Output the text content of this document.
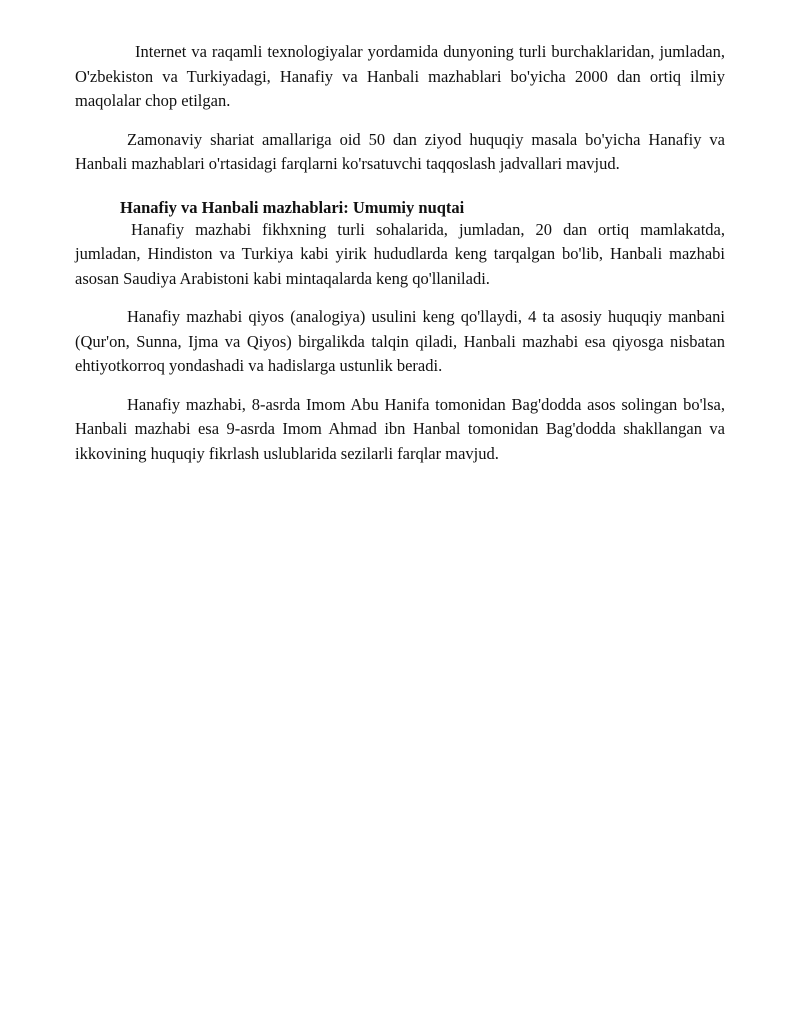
Internet va raqamli texnologiyalar yordamida dunyoning turli burchaklaridan, jumladan, O'zbekiston va Turkiyadagi, Hanafiy va Hanbali mazhablari bo'yicha 2000 dan ortiq ilmiy maqolalar chop etilgan.

Zamonaviy shariat amallariga oid 50 dan ziyod huquqiy masala bo'yicha Hanafiy va Hanbali mazhablari o'rtasidagi farqlarni ko'rsatuvchi taqqoslash jadvallari mavjud.

Hanafiy va Hanbali mazhablari: Umumiy nuqtai

Hanafiy mazhabi fikhxning turli sohalarida, jumladan, 20 dan ortiq mamlakatda, jumladan, Hindiston va Turkiya kabi yirik hududlarda keng tarqalgan bo'lib, Hanbali mazhabi asosan Saudiya Arabistoni kabi mintaqalarda keng qo'llaniladi.

Hanafiy mazhabi qiyos (analogiya) usulini keng qo'llaydi, 4 ta asosiy huquqiy manbani (Qur'on, Sunna, Ijma va Qiyos) birgalikda talqin qiladi, Hanbali mazhabi esa qiyosga nisbatan ehtiyotkorroq yondashadi va hadislarga ustunlik beradi.

Hanafiy mazhabi, 8-asrda Imom Abu Hanifa tomonidan Bag'dodda asos solingan bo'lsa, Hanbali mazhabi esa 9-asrda Imom Ahmad ibn Hanbal tomonidan Bag'dodda shakllangan va ikkovining huquqiy fikrlash uslublarida sezilarli farqlar mavjud.
